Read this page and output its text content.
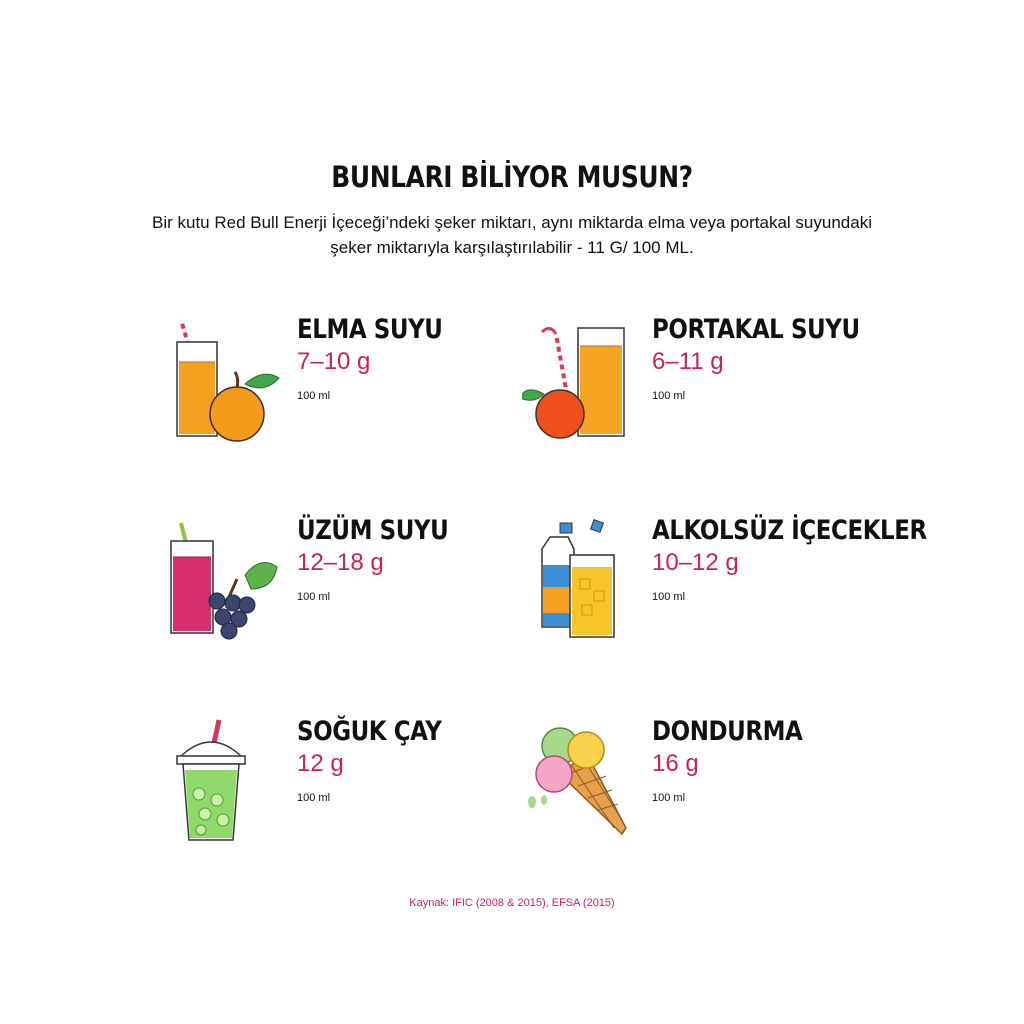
BUNLARI BİLİYOR MUSUN?
Bir kutu Red Bull Enerji İçeceği’ndeki şeker miktarı, aynı miktarda elma veya portakal suyundaki şeker miktarıyla karşılaştırılabilir - 11 G/ 100 ML.
ELMA SUYU
7–10 g
100 ml
PORTAKAL SUYU
6–11 g
100 ml
ÜZÜM SUYU
12–18 g
100 ml
ALKOLSÜZ İÇECEKLER
10–12 g
100 ml
SOĞUK ÇAY
12 g
100 ml
DONDURMA
16 g
100 ml
Kaynak: IFIC (2008 & 2015), EFSA (2015)
